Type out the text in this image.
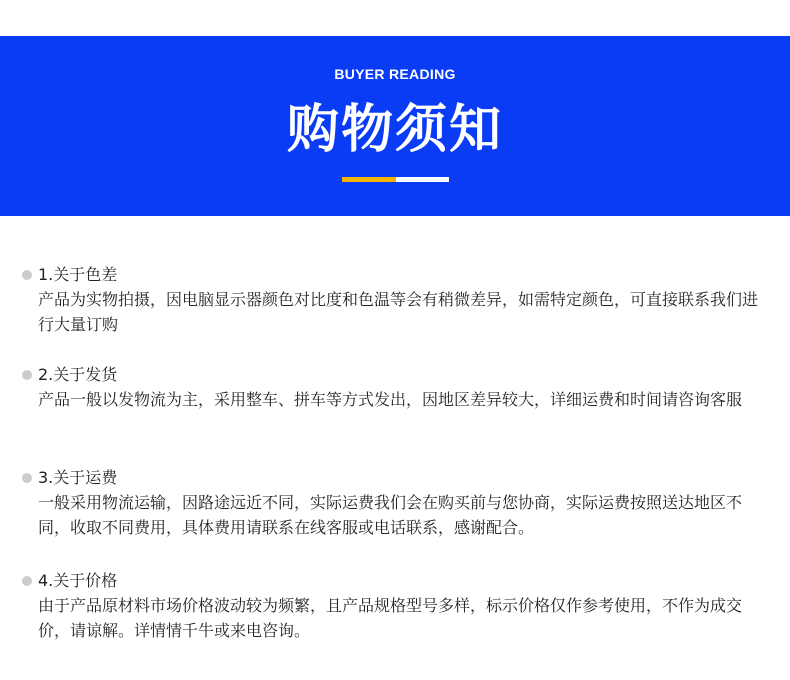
BUYER READING
购物须知
1.关于色差
产品为实物拍摄，因电脑显示器颜色对比度和色温等会有稍微差异，如需特定颜色，可直接联系我们进行大量订购
2.关于发货
产品一般以发物流为主，采用整车、拼车等方式发出，因地区差异较大，详细运费和时间请咨询客服
3.关于运费
一般采用物流运输，因路途远近不同，实际运费我们会在购买前与您协商，实际运费按照送达地区不同，收取不同费用，具体费用请联系在线客服或电话联系，感谢配合。
4.关于价格
由于产品原材料市场价格波动较为频繁，且产品规格型号多样，标示价格仅作参考使用，不作为成交价，请谅解。详情情千牛或来电咨询。
